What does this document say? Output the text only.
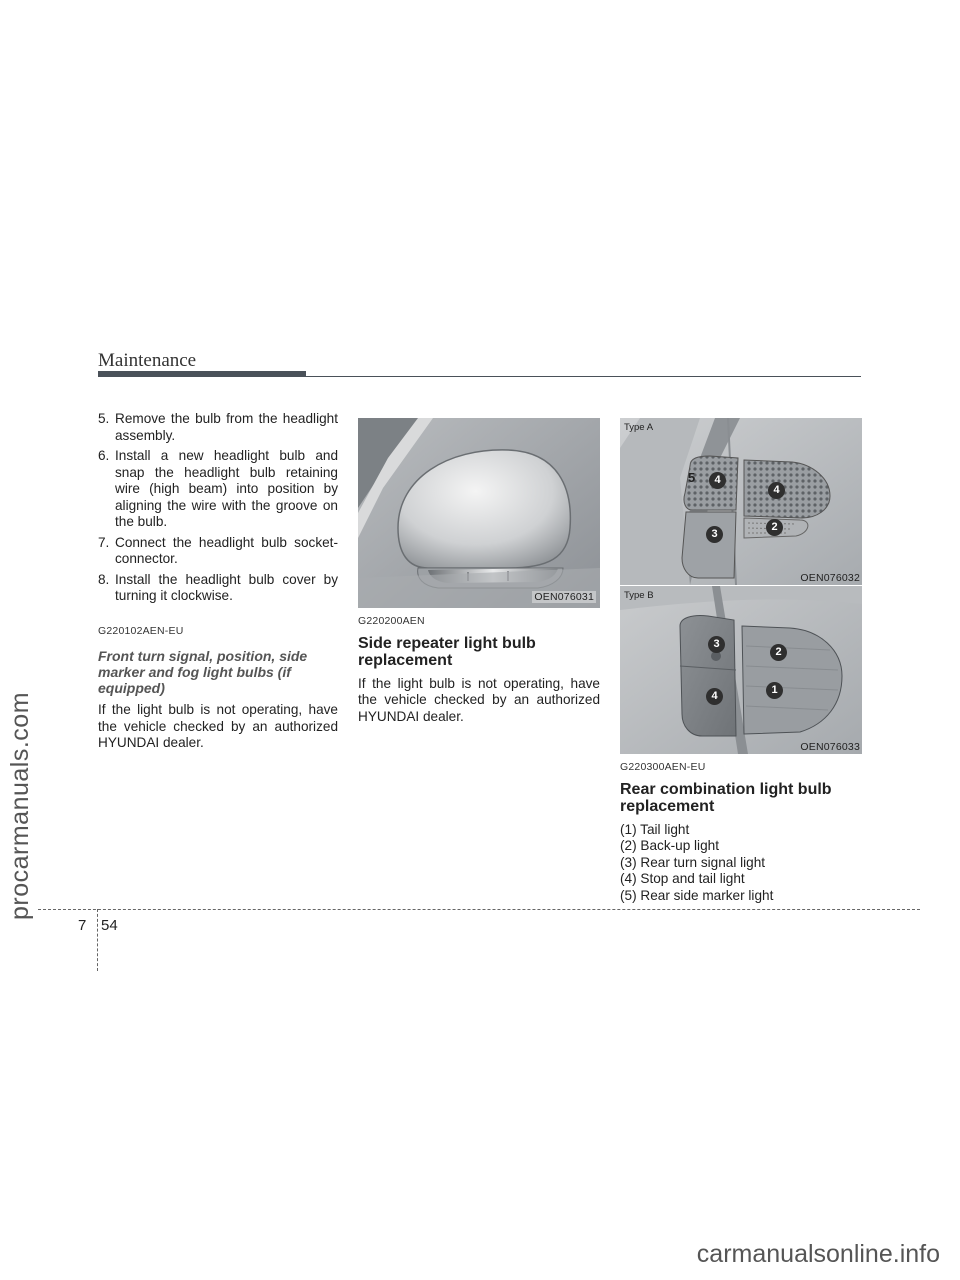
procarmanuals.com
carmanualsonline.info
Maintenance
5. Remove the bulb from the headlight assembly.
6. Install a new headlight bulb and snap the headlight bulb retaining wire (high beam) into position by aligning the wire with the groove on the bulb.
7. Connect the headlight bulb socket-connector.
8. Install the headlight bulb cover by turning it clockwise.
G220102AEN-EU
Front turn signal, position, side marker and fog light bulbs (if equipped)
If the light bulb is not operating, have the vehicle checked by an authorized HYUNDAI dealer.
OEN076031
G220200AEN
Side repeater light bulb replacement
If the light bulb is not operating, have the vehicle checked by an authorized HYUNDAI dealer.
Type A
5	4
4
3
2
OEN076032
Type B
3
2
1
4
OEN076033
G220300AEN-EU
Rear combination light bulb replacement
(1) Tail light
(2) Back-up light
(3) Rear turn signal light
(4) Stop and tail light
(5) Rear side marker light
7 54
